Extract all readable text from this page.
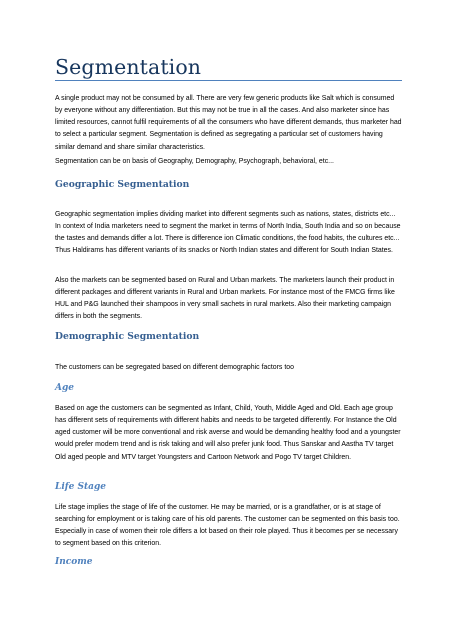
Segmentation

A single product may not be consumed by all. There are very few generic products like Salt which is consumed by everyone without any differentiation. But this may not be true in all the cases. And also marketer since has limited resources, cannot fulfil requirements of all the consumers who have different demands, thus marketer had to select a particular segment. Segmentation is defined as segregating a particular set of customers having similar demand and share similar characteristics.

Segmentation can be on basis of Geography, Demography, Psychograph, behavioral, etc...

Geographic Segmentation

Geographic segmentation implies dividing market into different segments such as nations, states, districts etc... In context of India marketers need to segment the market in terms of North India, South India and so on because the tastes and demands differ a lot. There is difference ion Climatic conditions, the food habits, the cultures etc... Thus Haldirams has different variants of its snacks or North Indian states and different for South Indian States.

Also the markets can be segmented based on Rural and Urban markets. The marketers launch their product in different packages and different variants in Rural and Urban markets. For instance most of the FMCG firms like HUL and P&G launched their shampoos in very small sachets in rural markets. Also their marketing campaign differs in both the segments.

Demographic Segmentation

The customers can be segregated based on different demographic factors too

Age

Based on age the customers can be segmented as Infant, Child, Youth, Middle Aged and Old. Each age group has different sets of requirements with different habits and needs to be targeted differently. For Instance the Old aged customer will be more conventional and risk averse and would be demanding healthy food and a youngster would prefer modern trend and is risk taking and will also prefer junk food. Thus Sanskar and Aastha TV target Old aged people and MTV target Youngsters and Cartoon Network and Pogo TV target Children.

Life Stage

Life stage implies the stage of life of the customer. He may be married, or is a grandfather, or is at stage of searching for employment or is taking care of his old parents. The customer can be segmented on this basis too. Especially in case of women their role differs a lot based on their role played. Thus it becomes per se necessary to segment based on this criterion.

Income
